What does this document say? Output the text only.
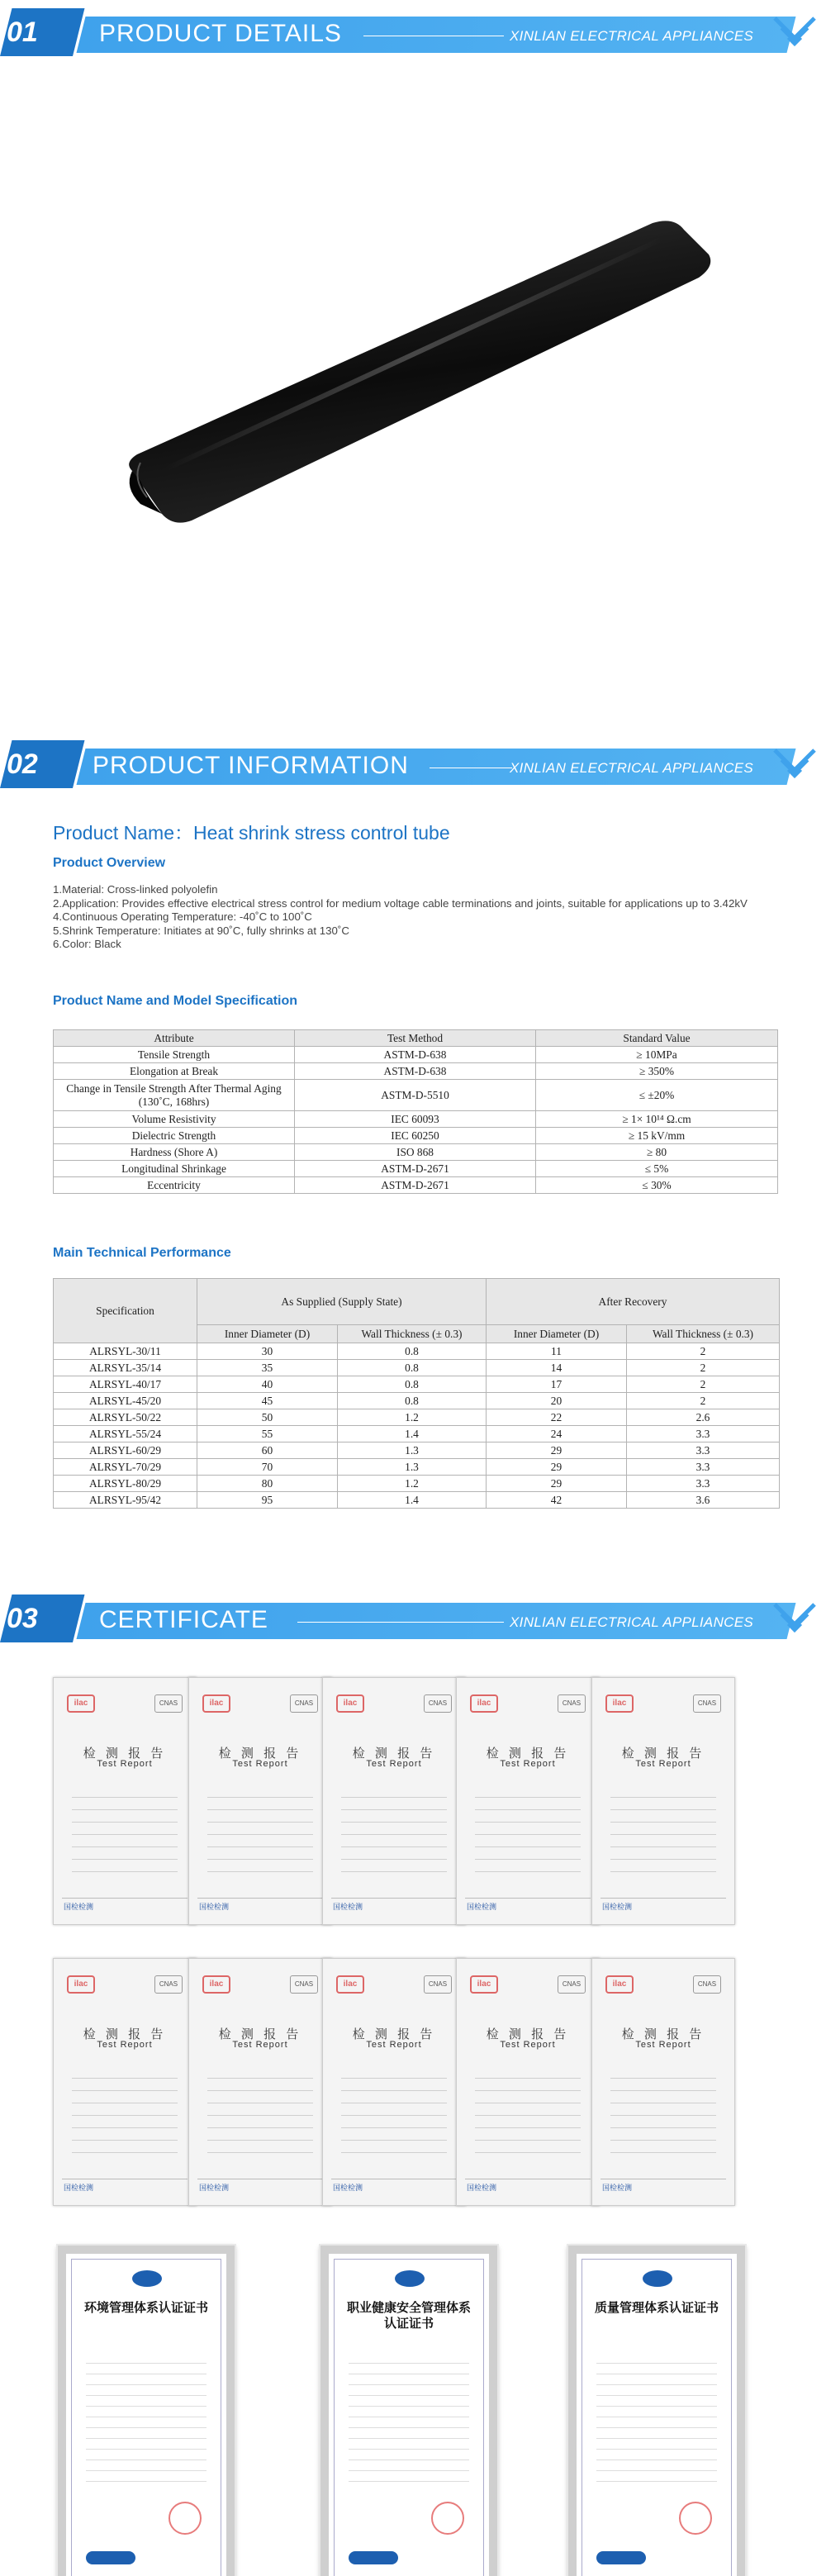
01 PRODUCT DETAILS	XINLIAN ELECTRICAL APPLIANCES
02 PRODUCT INFORMATION	XINLIAN ELECTRICAL APPLIANCES
Product Name：Heat shrink stress control tube
Product Overview
1.Material: Cross-linked polyolefin
2.Application: Provides effective electrical stress control for medium voltage cable terminations and joints, suitable for applications up to 3.42kV
4.Continuous Operating Temperature: -40˚C to 100˚C
5.Shrink Temperature: Initiates at 90˚C, fully shrinks at 130˚C
6.Color: Black
Product Name and Model Specification
Attribute	Test Method	Standard Value
Tensile Strength	ASTM-D-638	≥ 10MPa
Elongation at Break	ASTM-D-638	≥ 350%
Change in Tensile Strength After Thermal Aging (130˚C, 168hrs)	ASTM-D-5510	≤ ±20%
Volume Resistivity	IEC 60093	≥ 1× 10¹⁴ Ω.cm
Dielectric Strength	IEC 60250	≥ 15 kV/mm
Hardness (Shore A)	ISO 868	≥ 80
Longitudinal Shrinkage	ASTM-D-2671	≤ 5%
Eccentricity	ASTM-D-2671	≤ 30%
Main Technical Performance
Specification	As Supplied (Supply State)		After Recovery	
	Inner Diameter (D)	Wall Thickness (± 0.3)	Inner Diameter (D)	Wall Thickness (± 0.3)
ALRSYL-30/11	30	0.8	11	2
ALRSYL-35/14	35	0.8	14	2
ALRSYL-40/17	40	0.8	17	2
ALRSYL-45/20	45	0.8	20	2
ALRSYL-50/22	50	1.2	22	2.6
ALRSYL-55/24	55	1.4	24	3.3
ALRSYL-60/29	60	1.3	29	3.3
ALRSYL-70/29	70	1.3	29	3.3
ALRSYL-80/29	80	1.2	29	3.3
ALRSYL-95/42	95	1.4	42	3.6
03 CERTIFICATE	XINLIAN ELECTRICAL APPLIANCES
ilac	CNAS
检 测 报 告
Test Report
国检检测
ilac	CNAS
检 测 报 告
Test Report
国检检测
ilac	CNAS
检 测 报 告
Test Report
国检检测
ilac	CNAS
检 测 报 告
Test Report
国检检测
ilac	CNAS
检 测 报 告
Test Report
国检检测
ilac	CNAS
检 测 报 告
Test Report
国检检测
ilac	CNAS
检 测 报 告
Test Report
国检检测
ilac	CNAS
检 测 报 告
Test Report
国检检测
ilac	CNAS
检 测 报 告
Test Report
国检检测
ilac	CNAS
检 测 报 告
Test Report
国检检测
环境管理体系认证证书	职业健康安全管理体系认证证书
质量管理体系认证证书
